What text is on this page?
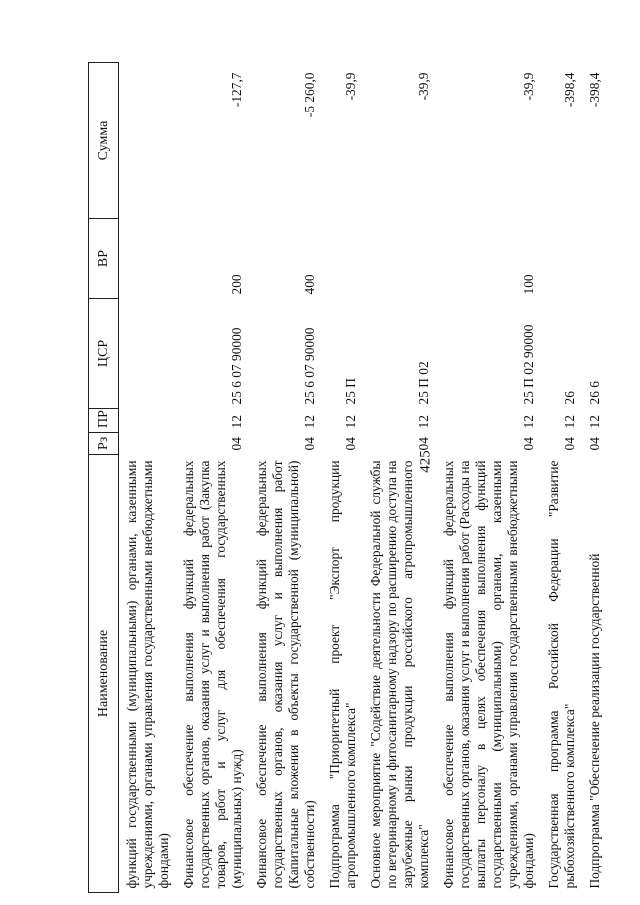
425
Наименование	Рз	ПР	ЦСР	ВР	Сумма
функций государственными (муниципальными) органами, казенными учреждениями, органами управления государственными внебюджетными фондами)					
Финансовое обеспечение выполнения функций федеральных государственных органов, оказания услуг и выполнения работ (Закупка товаров, работ и услуг для обеспечения государственных (муниципальных) нужд)	04	12	25 6 07 90000	200	-127,7
Финансовое обеспечение выполнения функций федеральных государственных органов, оказания услуг и выполнения работ (Капитальные вложения в объекты государственной (муниципальной) собственности)	04	12	25 6 07 90000	400	-5 260,0
Подпрограмма "Приоритетный проект "Экспорт продукции агропромышленного комплекса"	04	12	25 П		-39,9
Основное мероприятие "Содействие деятельности Федеральной службы по ветеринарному и фитосанитарному надзору по расширению доступа на зарубежные рынки продукции российского агропромышленного комплекса"	04	12	25 П 02		-39,9
Финансовое обеспечение выполнения функций федеральных государственных органов, оказания услуг и выполнения работ (Расходы на выплаты персоналу в целях обеспечения выполнения функций государственными (муниципальными) органами, казенными учреждениями, органами управления государственными внебюджетными фондами)	04	12	25 П 02 90000	100	-39,9
Государственная программа Российской Федерации "Развитие рыбохозяйственного комплекса"	04	12	26		-398,4
Подпрограмма "Обеспечение реализации государственной	04	12	26 6		-398,4
